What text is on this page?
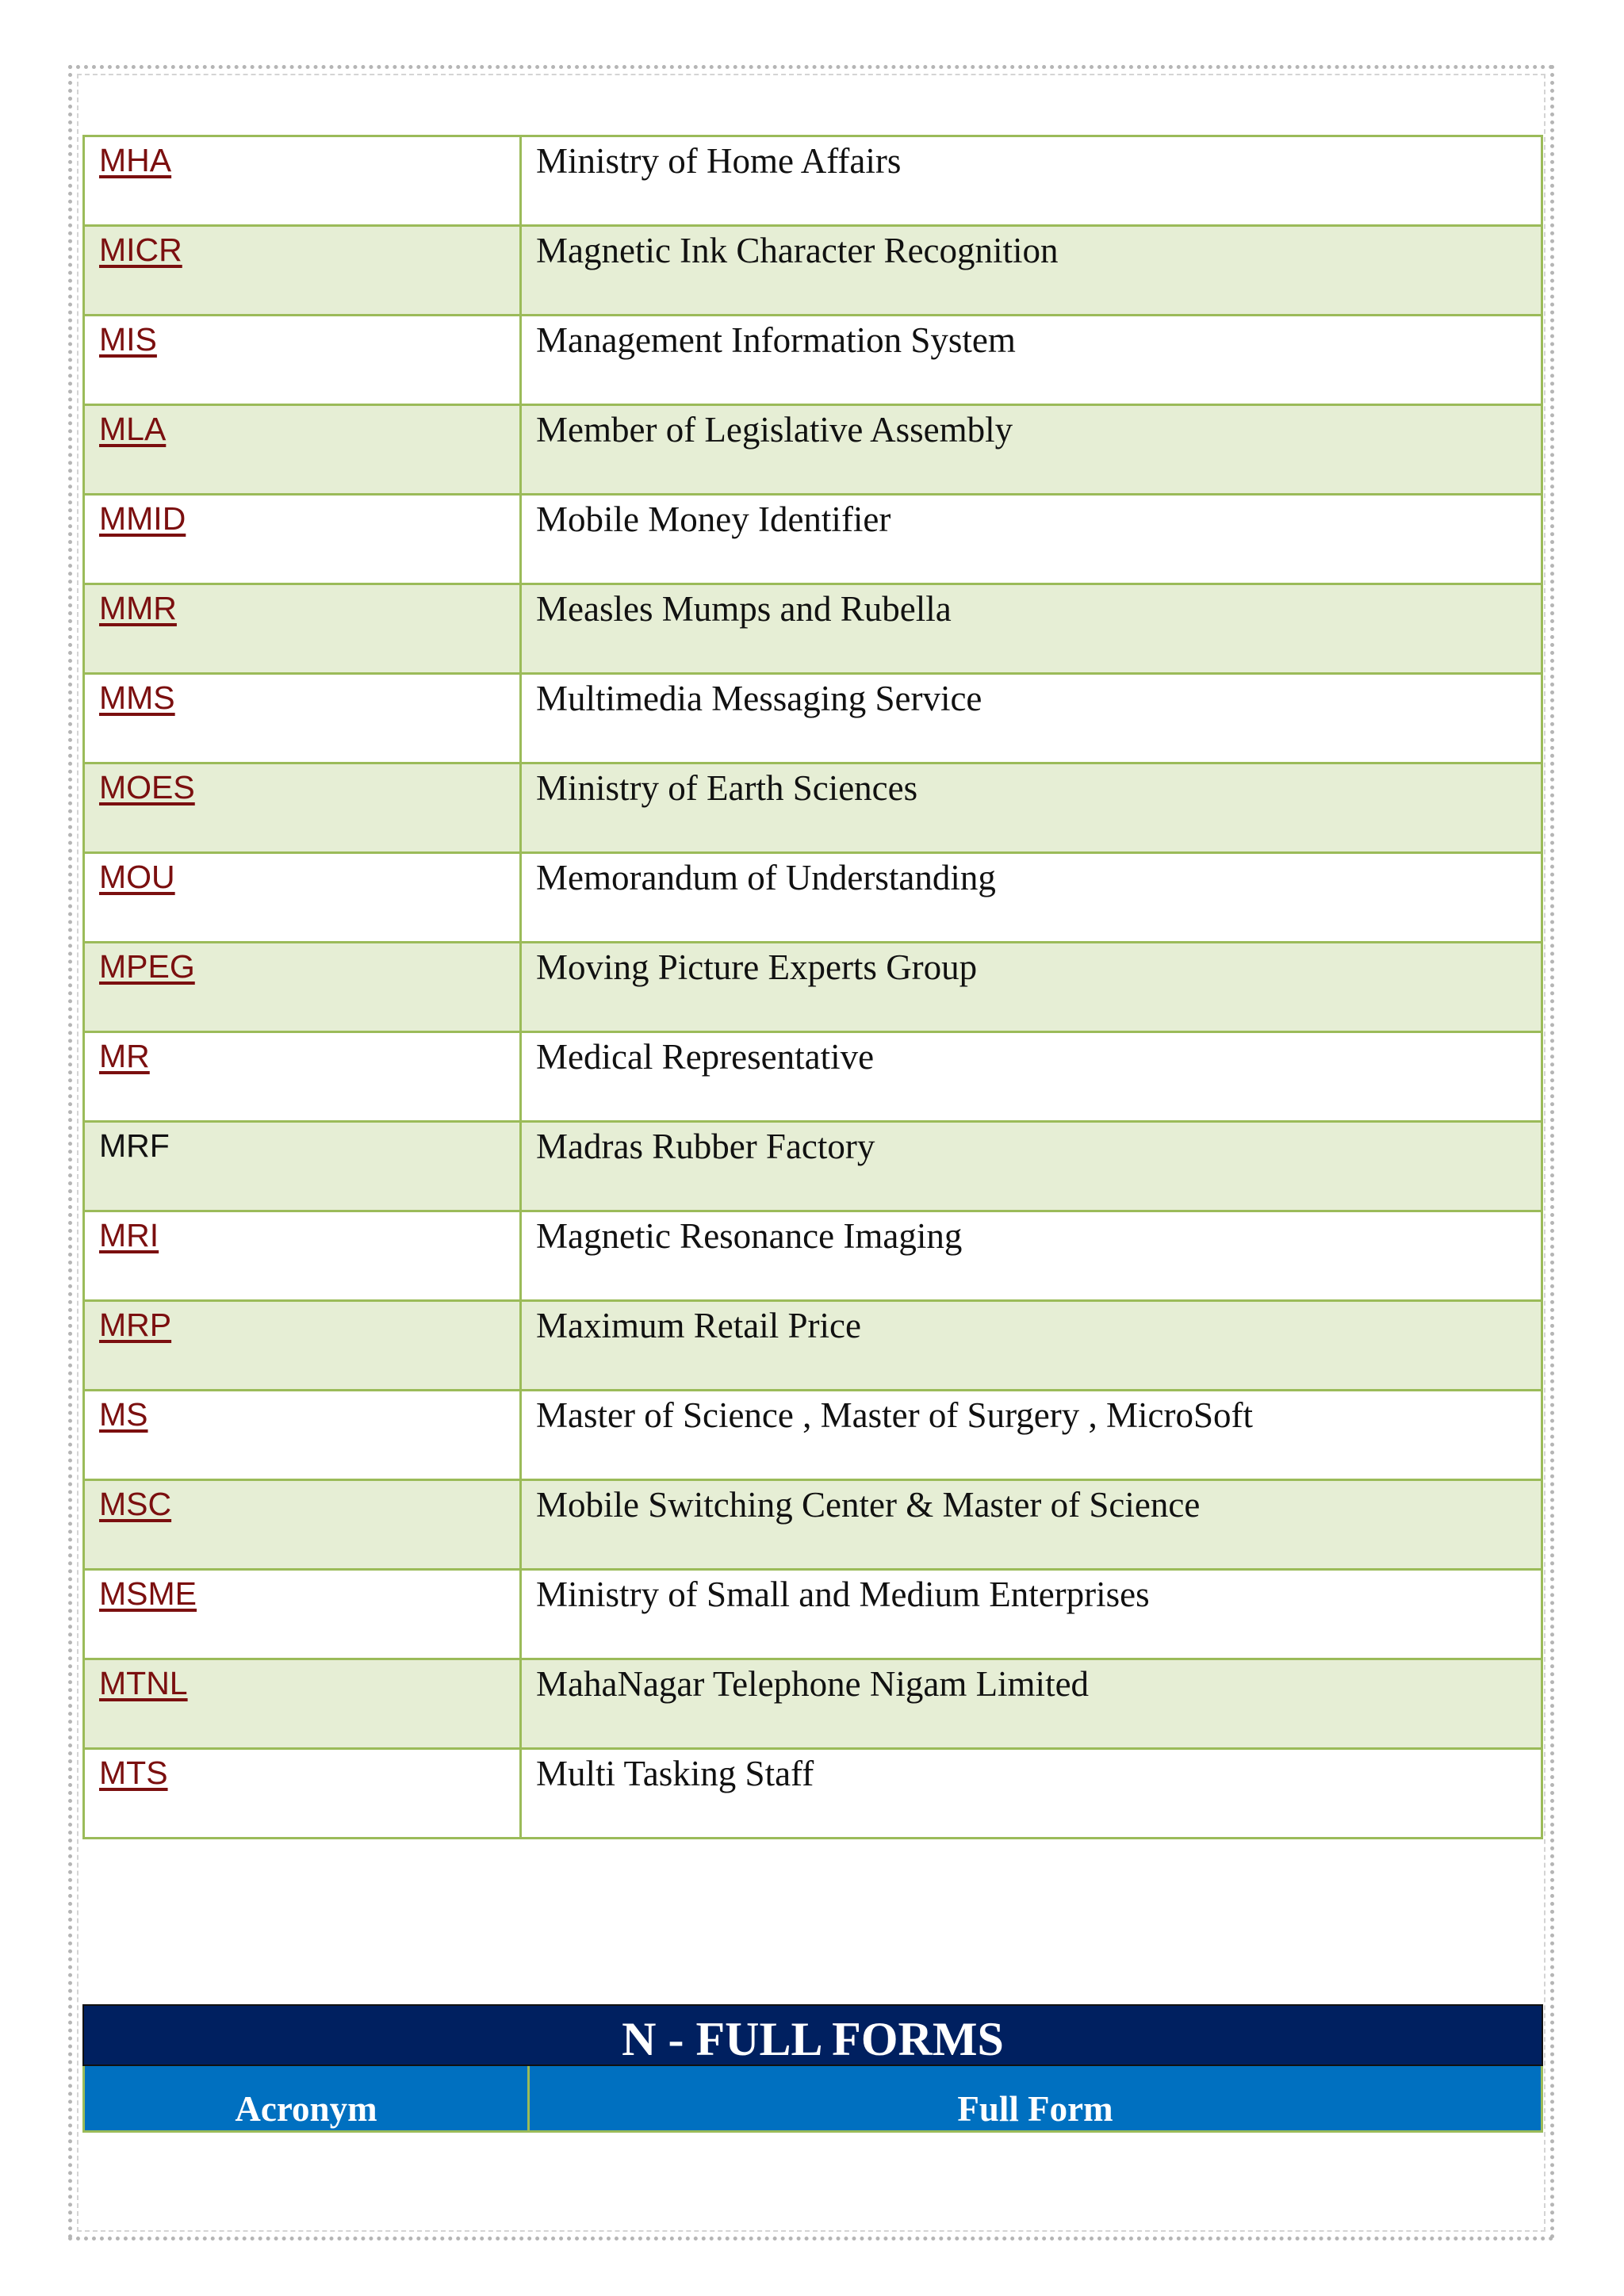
MHA	Ministry of Home Affairs
MICR	Magnetic Ink Character Recognition
MIS	Management Information System
MLA	Member of Legislative Assembly
MMID	Mobile Money Identifier
MMR	Measles Mumps and Rubella
MMS	Multimedia Messaging Service
MOES	Ministry of Earth Sciences
MOU	Memorandum of Understanding
MPEG	Moving Picture Experts Group
MR	Medical Representative
MRF	Madras Rubber Factory
MRI	Magnetic Resonance Imaging
MRP	Maximum Retail Price
MS	Master of Science , Master of Surgery , MicroSoft
MSC	Mobile Switching Center & Master of Science
MSME	Ministry of Small and Medium Enterprises
MTNL	MahaNagar Telephone Nigam Limited
MTS	Multi Tasking Staff
N - FULL FORMS
Acronym	Full Form
